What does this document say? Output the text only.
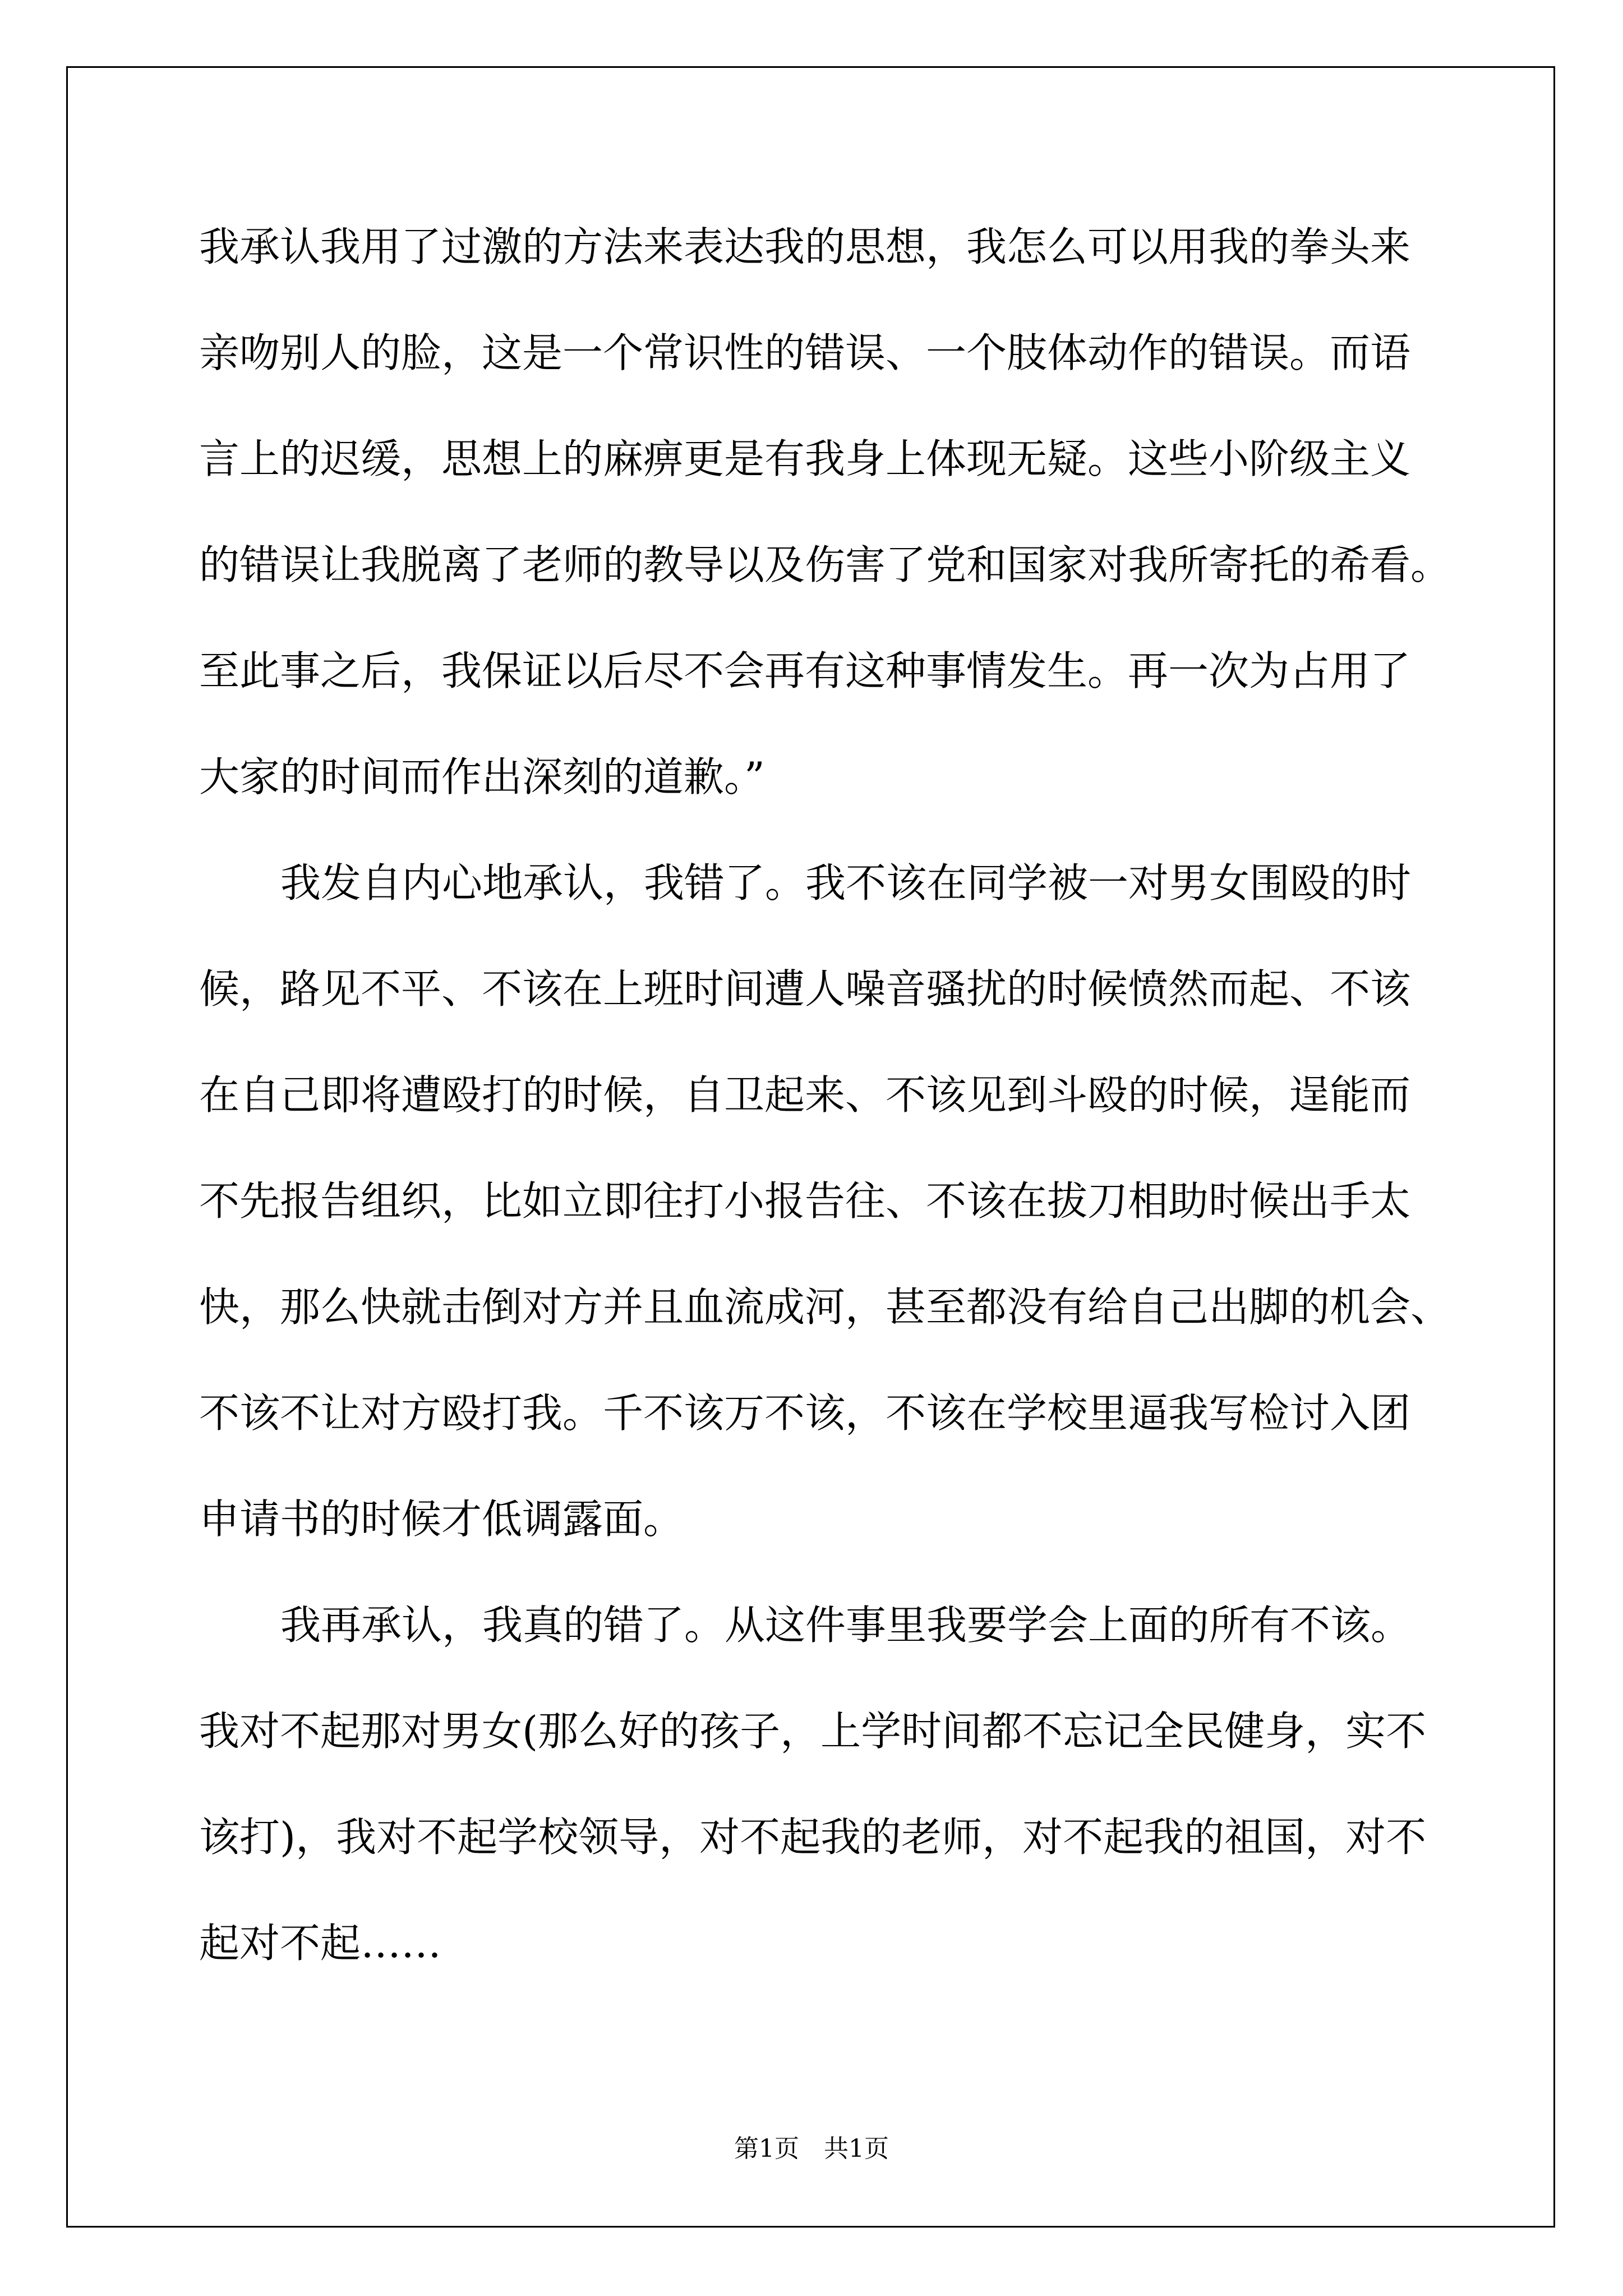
我承认我用了过激的方法来表达我的思想，我怎么可以用我的拳头来
亲吻别人的脸，这是一个常识性的错误、一个肢体动作的错误。而语
言上的迟缓，思想上的麻痹更是有我身上体现无疑。这些小阶级主义
的错误让我脱离了老师的教导以及伤害了党和国家对我所寄托的希看。
至此事之后，我保证以后尽不会再有这种事情发生。再一次为占用了
大家的时间而作出深刻的道歉。”
我发自内心地承认，我错了。我不该在同学被一对男女围殴的时
候，路见不平、不该在上班时间遭人噪音骚扰的时候愤然而起、不该
在自己即将遭殴打的时候，自卫起来、不该见到斗殴的时候，逞能而
不先报告组织，比如立即往打小报告往、不该在拔刀相助时候出手太
快，那么快就击倒对方并且血流成河，甚至都没有给自己出脚的机会、
不该不让对方殴打我。千不该万不该，不该在学校里逼我写检讨入团
申请书的时候才低调露面。
我再承认，我真的错了。从这件事里我要学会上面的所有不该。
我对不起那对男女(那么好的孩子，上学时间都不忘记全民健身，实不
该打)，我对不起学校领导，对不起我的老师，对不起我的祖国，对不
起对不起……
第1页　共1页
